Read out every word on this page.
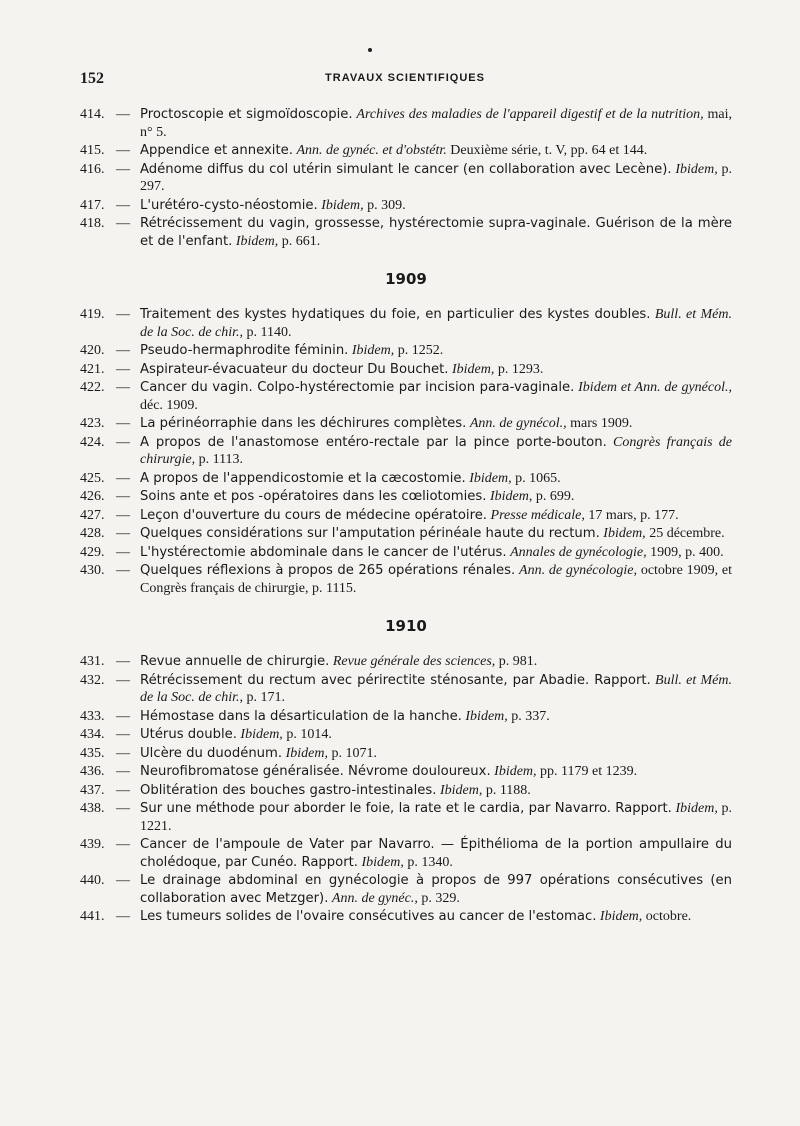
152	TRAVAUX SCIENTIFIQUES
414. — Proctoscopie et sigmoïdoscopie. Archives des maladies de l'appareil digestif et de la nutrition, mai, n° 5.
415. — Appendice et annexite. Ann. de gynéc. et d'obstétr. Deuxième série, t. V, pp. 64 et 144.
416. — Adénome diffus du col utérin simulant le cancer (en collaboration avec Lecène). Ibidem, p. 297.
417. — L'urétéro-cysto-néostomie. Ibidem, p. 309.
418. — Rétrécissement du vagin, grossesse, hystérectomie supra-vaginale. Guérison de la mère et de l'enfant. Ibidem, p. 661.
1909
419. — Traitement des kystes hydatiques du foie, en particulier des kystes doubles. Bull. et Mém. de la Soc. de chir., p. 1140.
420. — Pseudo-hermaphrodite féminin. Ibidem, p. 1252.
421. — Aspirateur-évacuateur du docteur Du Bouchet. Ibidem, p. 1293.
422. — Cancer du vagin. Colpo-hystérectomie par incision para-vaginale. Ibidem et Ann. de gynécol., déc. 1909.
423. — La périnéorraphie dans les déchirures complètes. Ann. de gynécol., mars 1909.
424. — A propos de l'anastomose entéro-rectale par la pince porte-bouton. Congrès français de chirurgie, p. 1113.
425. — A propos de l'appendicostomie et la cæcostomie. Ibidem, p. 1065.
426. — Soins ante et pos -opératoires dans les cœliotomies. Ibidem, p. 699.
427. — Leçon d'ouverture du cours de médecine opératoire. Presse médicale, 17 mars, p. 177.
428. — Quelques considérations sur l'amputation périnéale haute du rectum. Ibidem, 25 décembre.
429. — L'hystérectomie abdominale dans le cancer de l'utérus. Annales de gynécologie, 1909, p. 400.
430. — Quelques réflexions à propos de 265 opérations rénales. Ann. de gynécologie, octobre 1909, et Congrès français de chirurgie, p. 1115.
1910
431. — Revue annuelle de chirurgie. Revue générale des sciences, p. 981.
432. — Rétrécissement du rectum avec périrectite sténosante, par Abadie. Rapport. Bull. et Mém. de la Soc. de chir., p. 171.
433. — Hémostase dans la désarticulation de la hanche. Ibidem, p. 337.
434. — Utérus double. Ibidem, p. 1014.
435. — Ulcère du duodénum. Ibidem, p. 1071.
436. — Neurofibromatose généralisée. Névrome douloureux. Ibidem, pp. 1179 et 1239.
437. — Oblitération des bouches gastro-intestinales. Ibidem, p. 1188.
438. — Sur une méthode pour aborder le foie, la rate et le cardia, par Navarro. Rapport. Ibidem, p. 1221.
439. — Cancer de l'ampoule de Vater par Navarro. — Épithélioma de la portion ampullaire du cholédoque, par Cunéo. Rapport. Ibidem, p. 1340.
440. — Le drainage abdominal en gynécologie à propos de 997 opérations consécutives (en collaboration avec Metzger). Ann. de gynéc., p. 329.
441. — Les tumeurs solides de l'ovaire consécutives au cancer de l'estomac. Ibidem, octobre.
